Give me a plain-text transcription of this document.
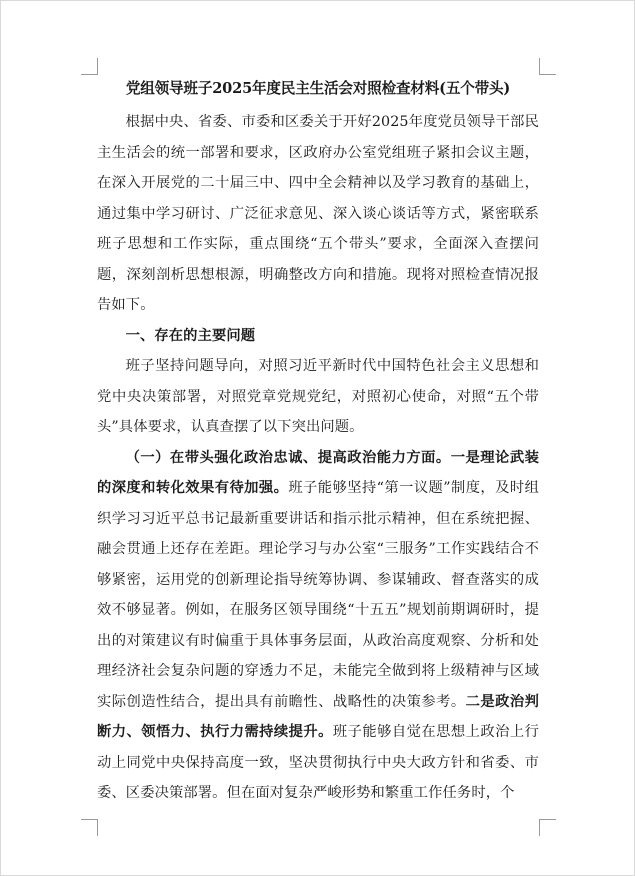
党组领导班子2025年度民主生活会对照检查材料(五个带头)

根据中央、省委、市委和区委关于开好2025年度党员领导干部民主生活会的统一部署和要求，区政府办公室党组班子紧扣会议主题，在深入开展党的二十届三中、四中全会精神以及学习教育的基础上，通过集中学习研讨、广泛征求意见、深入谈心谈话等方式，紧密联系班子思想和工作实际，重点围绕“五个带头”要求，全面深入查摆问题，深刻剖析思想根源，明确整改方向和措施。现将对照检查情况报告如下。

一、存在的主要问题

班子坚持问题导向，对照习近平新时代中国特色社会主义思想和党中央决策部署，对照党章党规党纪，对照初心使命，对照“五个带头”具体要求，认真查摆了以下突出问题。

（一）在带头强化政治忠诚、提高政治能力方面。一是理论武装的深度和转化效果有待加强。班子能够坚持“第一议题”制度，及时组织学习习近平总书记最新重要讲话和指示批示精神，但在系统把握、融会贯通上还存在差距。理论学习与办公室“三服务”工作实践结合不够紧密，运用党的创新理论指导统筹协调、参谋辅政、督查落实的成效不够显著。例如，在服务区领导围绕“十五五”规划前期调研时，提出的对策建议有时偏重于具体事务层面，从政治高度观察、分析和处理经济社会复杂问题的穿透力不足，未能完全做到将上级精神与区域实际创造性结合，提出具有前瞻性、战略性的决策参考。二是政治判断力、领悟力、执行力需持续提升。班子能够自觉在思想上政治上行动上同党中央保持高度一致，坚决贯彻执行中央大政方针和省委、市委、区委决策部署。但在面对复杂严峻形势和繁重工作任务时，个
